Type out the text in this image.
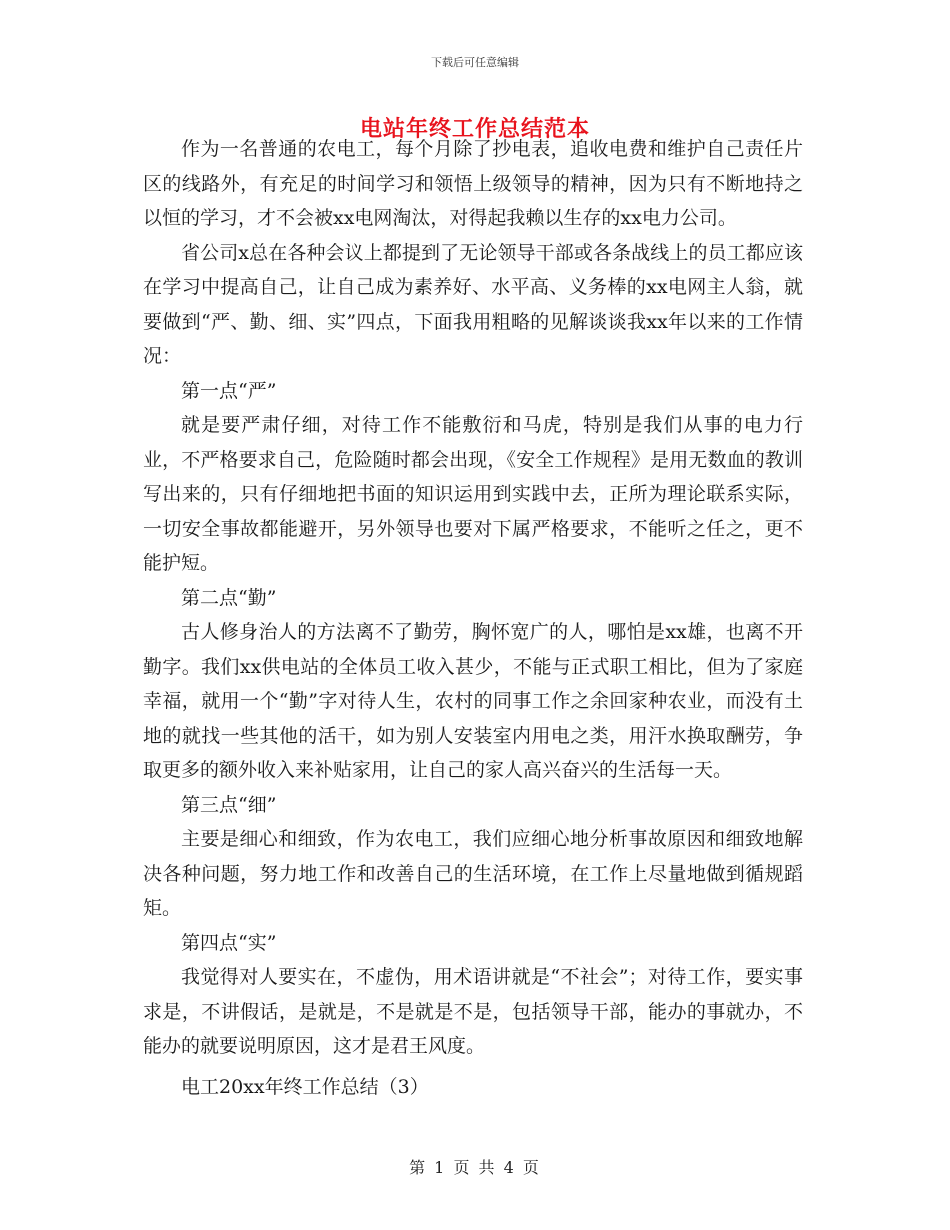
下载后可任意编辑
电站年终工作总结范本

作为一名普通的农电工，每个月除了抄电表，追收电费和维护自己责任片区的线路外，有充足的时间学习和领悟上级领导的精神，因为只有不断地持之以恒的学习，才不会被xx电网淘汰，对得起我赖以生存的xx电力公司。

省公司x总在各种会议上都提到了无论领导干部或各条战线上的员工都应该在学习中提高自己，让自己成为素养好、水平高、义务棒的xx电网主人翁，就要做到“严、勤、细、实”四点，下面我用粗略的见解谈谈我xx年以来的工作情况：

第一点“严”

就是要严肃仔细，对待工作不能敷衍和马虎，特别是我们从事的电力行业，不严格要求自己，危险随时都会出现，《安全工作规程》是用无数血的教训写出来的，只有仔细地把书面的知识运用到实践中去，正所为理论联系实际，一切安全事故都能避开，另外领导也要对下属严格要求，不能听之任之，更不能护短。

第二点“勤”

古人修身治人的方法离不了勤劳，胸怀宽广的人，哪怕是xx雄，也离不开勤字。我们xx供电站的全体员工收入甚少，不能与正式职工相比，但为了家庭幸福，就用一个“勤”字对待人生，农村的同事工作之余回家种农业，而没有土地的就找一些其他的活干，如为别人安装室内用电之类，用汗水换取酬劳，争取更多的额外收入来补贴家用，让自己的家人高兴奋兴的生活每一天。

第三点“细”

主要是细心和细致，作为农电工，我们应细心地分析事故原因和细致地解决各种问题，努力地工作和改善自己的生活环境，在工作上尽量地做到循规蹈矩。

第四点“实”

我觉得对人要实在，不虚伪，用术语讲就是“不社会”；对待工作，要实事求是，不讲假话，是就是，不是就是不是，包括领导干部，能办的事就办，不能办的就要说明原因，这才是君王风度。

电工20xx年终工作总结（3）

第 1 页 共 4 页
